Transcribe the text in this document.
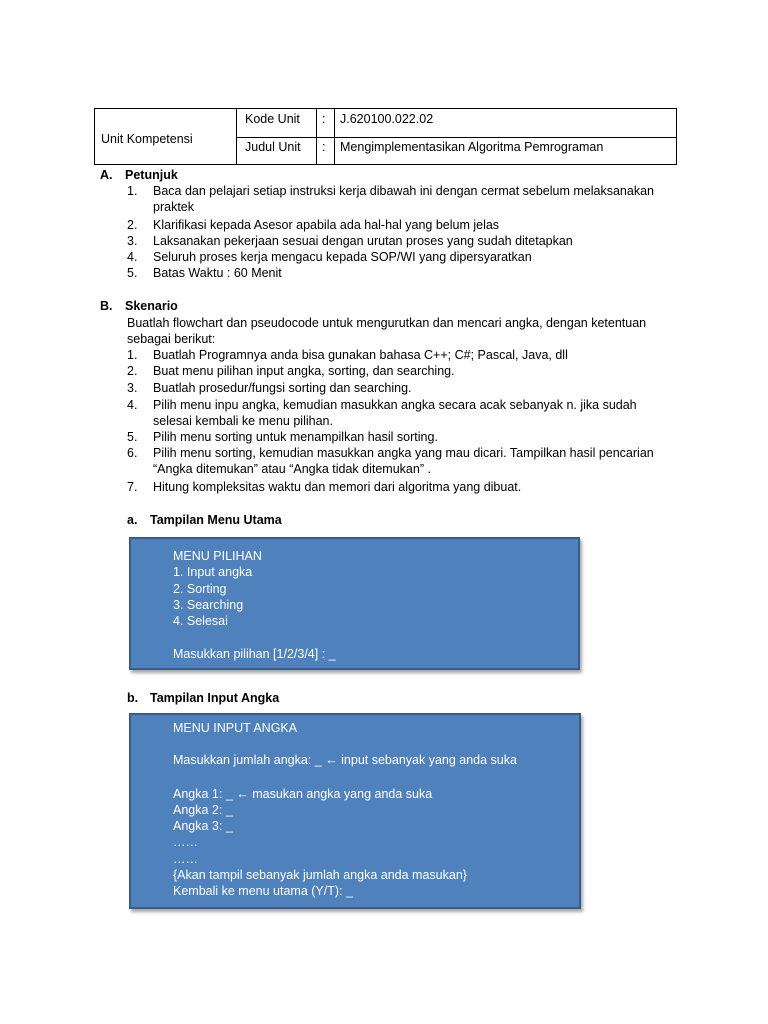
Unit Kompetensi
Kode Unit : J.620100.022.02
Judul Unit : Mengimplementasikan Algoritma Pemrograman
A. Petunjuk
1. Baca dan pelajari setiap instruksi kerja dibawah ini dengan cermat sebelum melaksanakan
praktek
2. Klarifikasi kepada Asesor apabila ada hal-hal yang belum jelas
3. Laksanakan pekerjaan sesuai dengan urutan proses yang sudah ditetapkan
4. Seluruh proses kerja mengacu kepada SOP/WI yang dipersyaratkan
5. Batas Waktu : 60 Menit
B. Skenario
Buatlah flowchart dan pseudocode untuk mengurutkan dan mencari angka, dengan ketentuan
sebagai berikut:
1. Buatlah Programnya anda bisa gunakan bahasa C++; C#; Pascal, Java, dll
2. Buat menu pilihan input angka, sorting, dan searching.
3. Buatlah prosedur/fungsi sorting dan searching.
4. Pilih menu inpu angka, kemudian masukkan angka secara acak sebanyak n. jika sudah
selesai kembali ke menu pilihan.
5. Pilih menu sorting untuk menampilkan hasil sorting.
6. Pilih menu sorting, kemudian masukkan angka yang mau dicari. Tampilkan hasil pencarian
“Angka ditemukan” atau “Angka tidak ditemukan” .
7. Hitung kompleksitas waktu dan memori dari algoritma yang dibuat.
a. Tampilan Menu Utama
MENU PILIHAN
1. Input angka
2. Sorting
3. Searching
4. Selesai
Masukkan pilihan [1/2/3/4] : _
b. Tampilan Input Angka
MENU INPUT ANGKA
Masukkan jumlah angka: _ ← input sebanyak yang anda suka
Angka 1: _ ← masukan angka yang anda suka
Angka 2: _
Angka 3: _
……
……
{Akan tampil sebanyak jumlah angka anda masukan}
Kembali ke menu utama (Y/T): _
